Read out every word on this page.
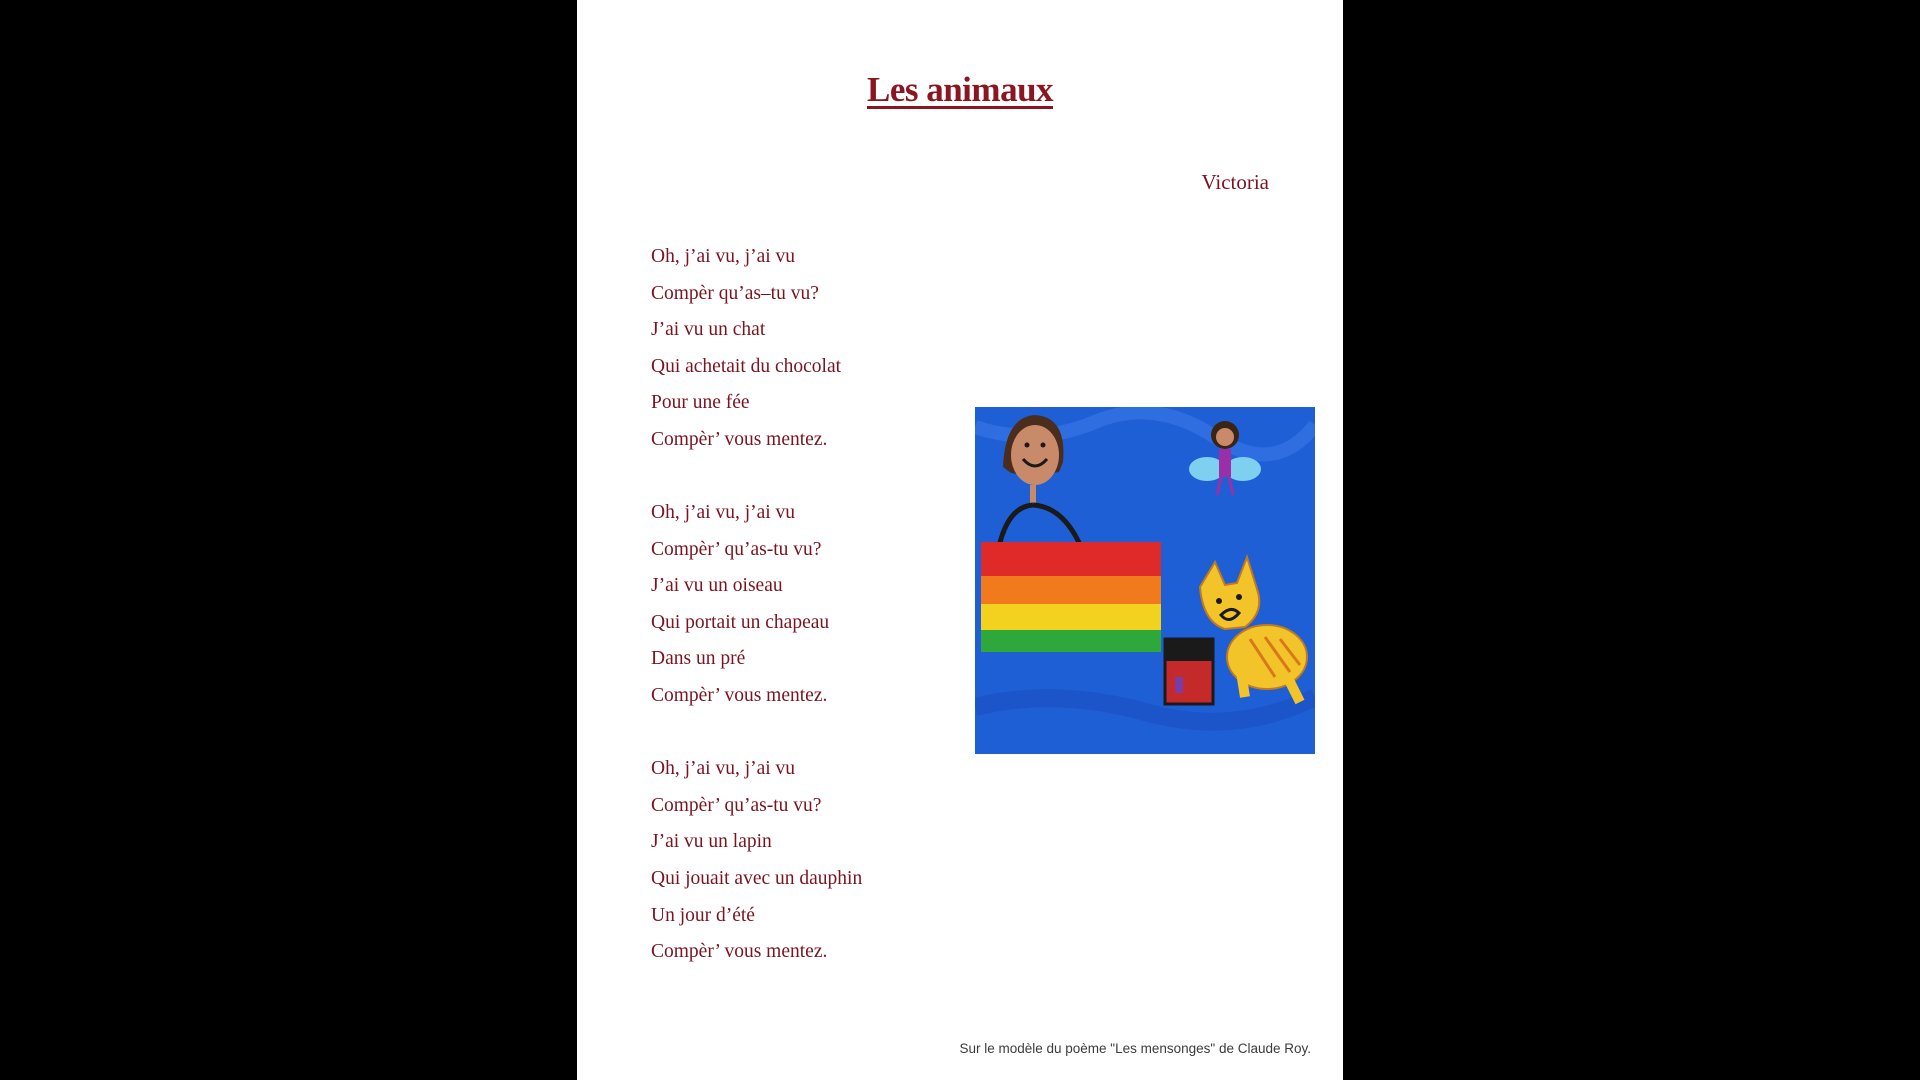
Les animaux

Victoria

Oh, j’ai vu, j’ai vu
Compèr qu’as–tu vu?
J’ai vu un chat
Qui achetait du chocolat
Pour une fée
Compèr’ vous mentez.
Oh, j’ai vu, j’ai vu
Compèr’ qu’as-tu vu?
J’ai vu un oiseau
Qui portait un chapeau
Dans un pré
Compèr’ vous mentez.
Oh, j’ai vu, j’ai vu
Compèr’ qu’as-tu vu?
J’ai vu un lapin
Qui jouait avec un dauphin
Un jour d’été
Compèr’ vous mentez.

Sur le modèle du poème "Les mensonges" de Claude Roy.
